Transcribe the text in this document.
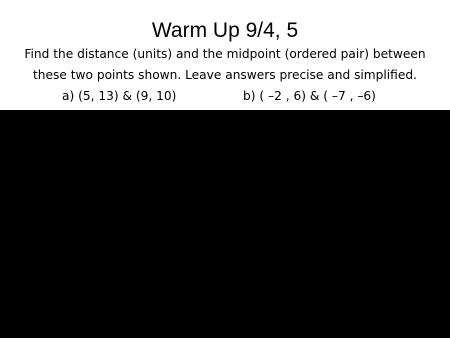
Warm Up 9/4, 5
Find the distance (units) and the midpoint (ordered pair) between
these two points shown. Leave answers precise and simplified.
a) (5, 13) & (9, 10)	b) ( –2 , 6) & ( –7 , –6)
